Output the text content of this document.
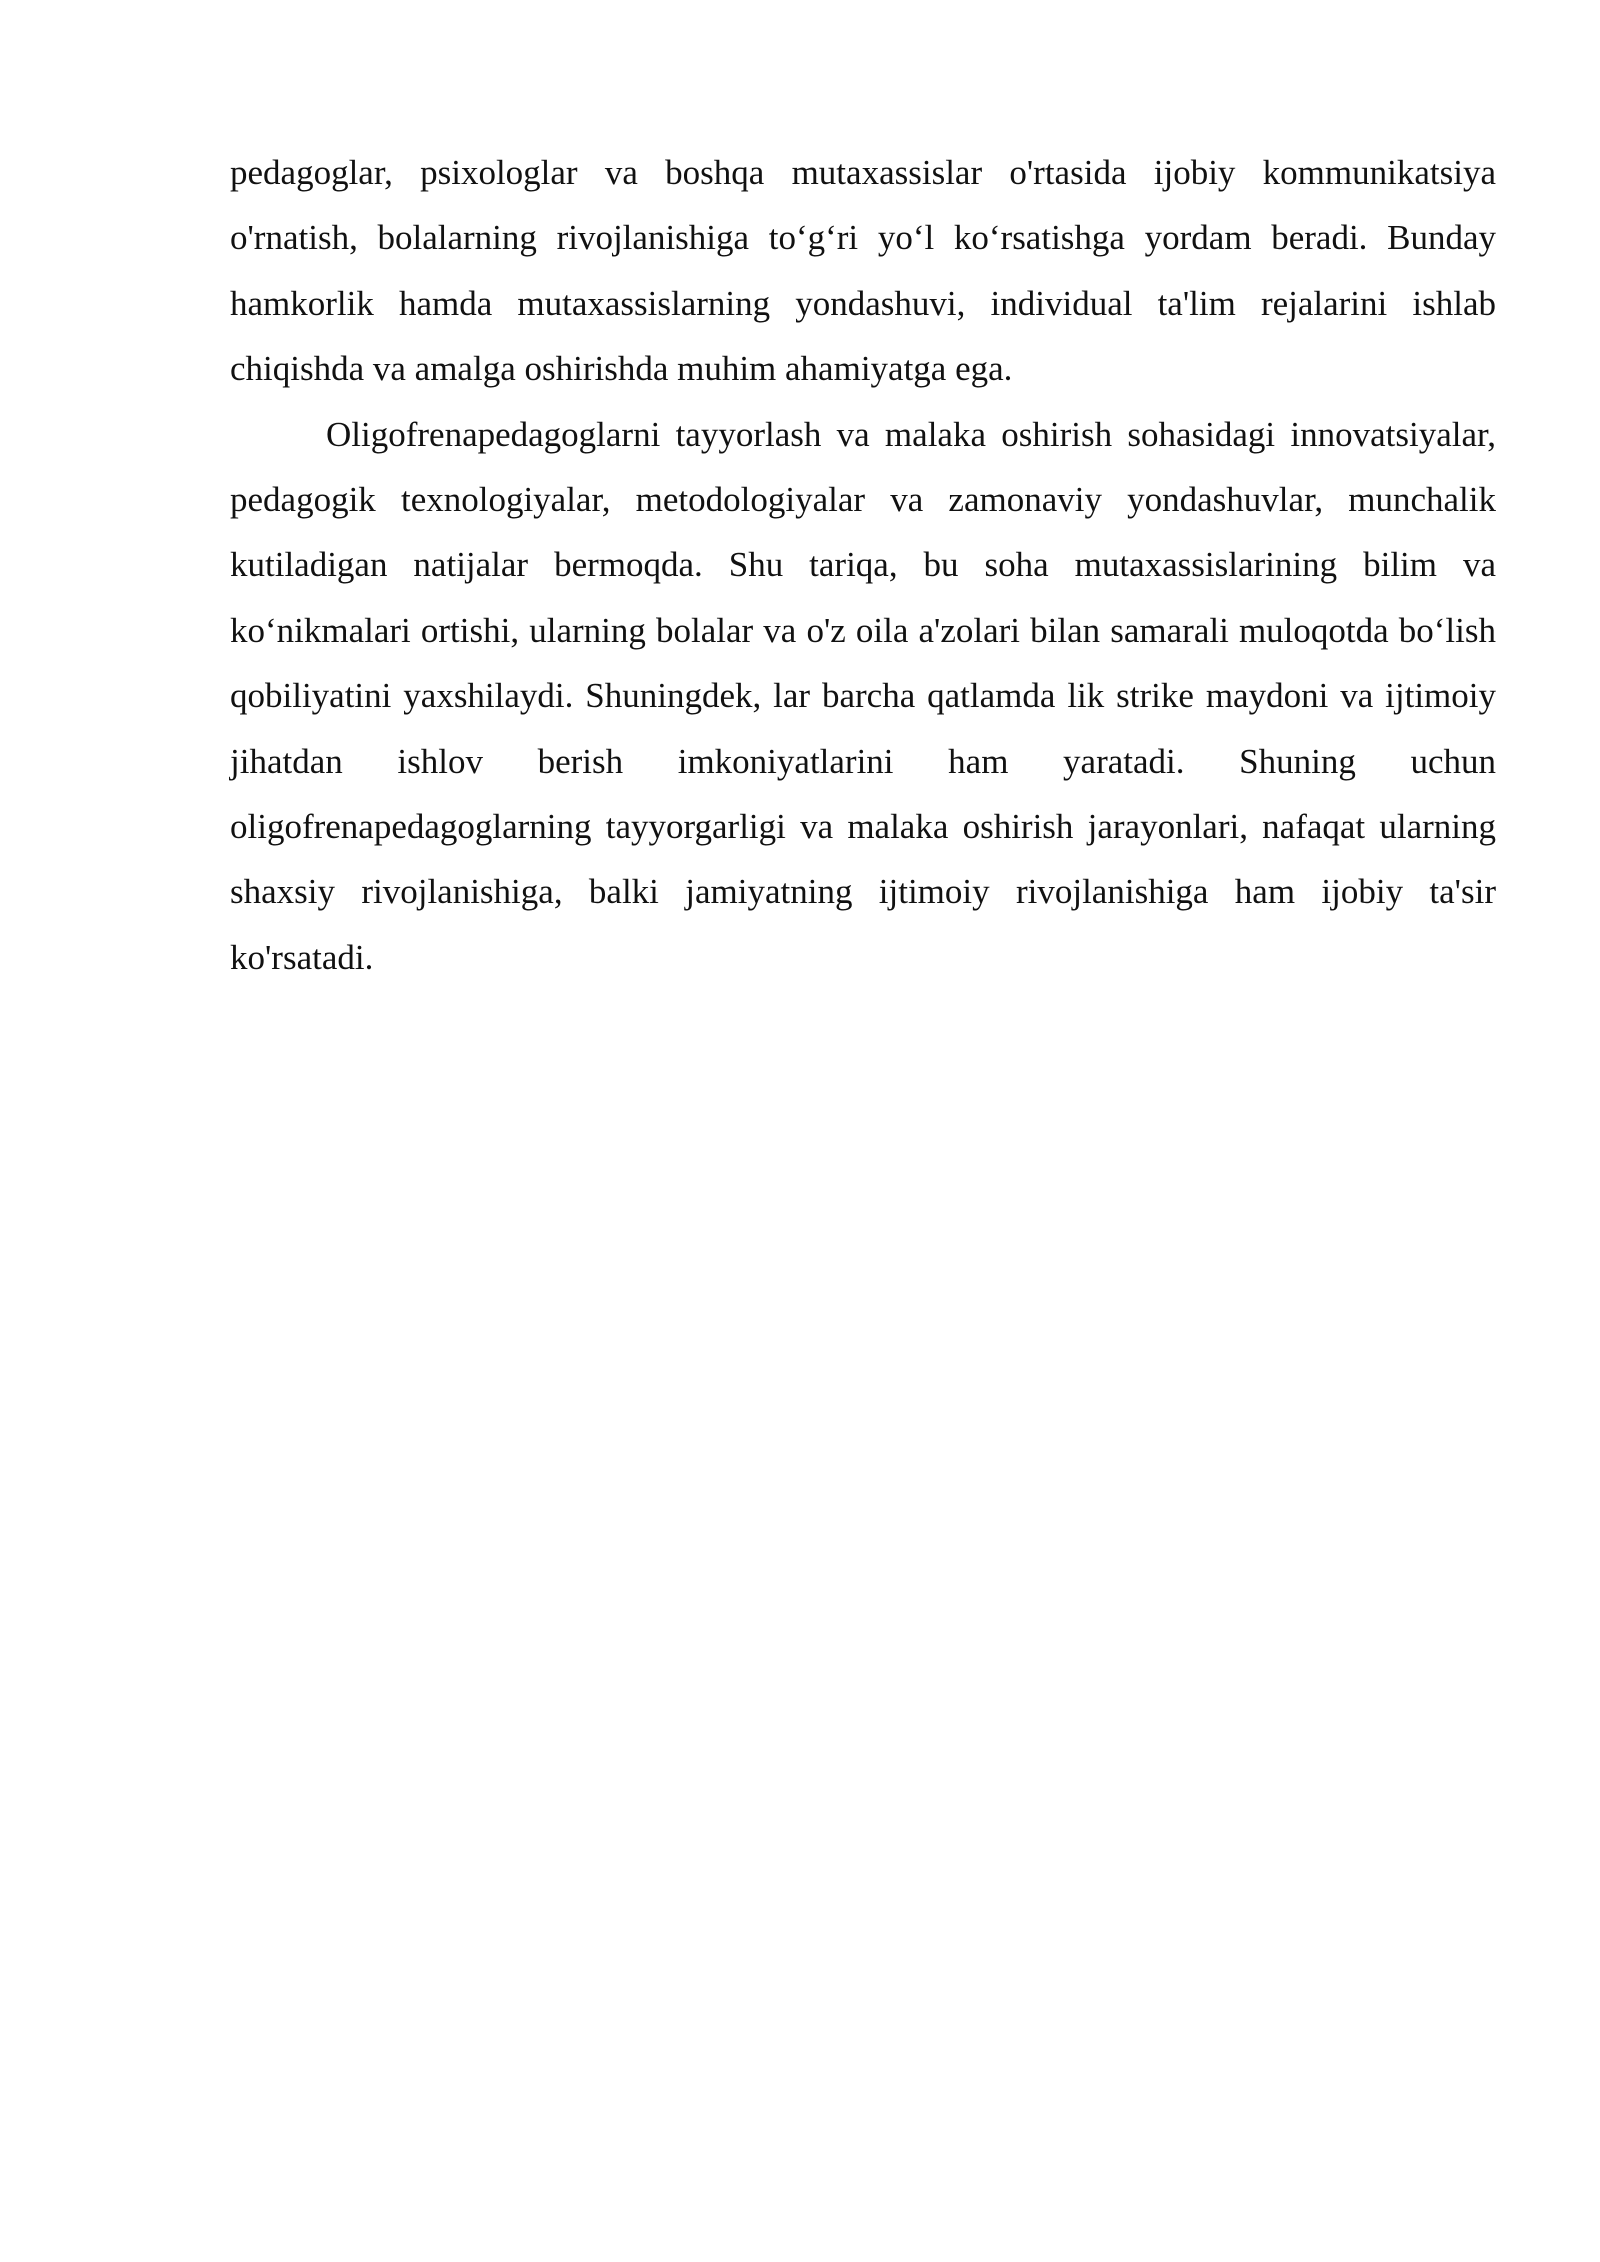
pedagoglar, psixologlar va boshqa mutaxassislar o'rtasida ijobiy kommunikatsiya o'rnatish, bolalarning rivojlanishiga to‘g‘ri yo‘l ko‘rsatishga yordam beradi. Bunday hamkorlik hamda mutaxassislarning yondashuvi, individual ta'lim rejalarini ishlab chiqishda va amalga oshirishda muhim ahamiyatga ega.

Oligofrenapedagoglarni tayyorlash va malaka oshirish sohasidagi innovatsiyalar, pedagogik texnologiyalar, metodologiyalar va zamonaviy yondashuvlar, munchalik kutiladigan natijalar bermoqda. Shu tariqa, bu soha mutaxassislarining bilim va ko‘nikmalari ortishi, ularning bolalar va o'z oila a'zolari bilan samarali muloqotda bo‘lish qobiliyatini yaxshilaydi. Shuningdek, lar barcha qatlamda lik strike maydoni va ijtimoiy jihatdan ishlov berish imkoniyatlarini ham yaratadi. Shuning uchun oligofrenapedagoglarning tayyorgarligi va malaka oshirish jarayonlari, nafaqat ularning shaxsiy rivojlanishiga, balki jamiyatning ijtimoiy rivojlanishiga ham ijobiy ta'sir ko'rsatadi.
